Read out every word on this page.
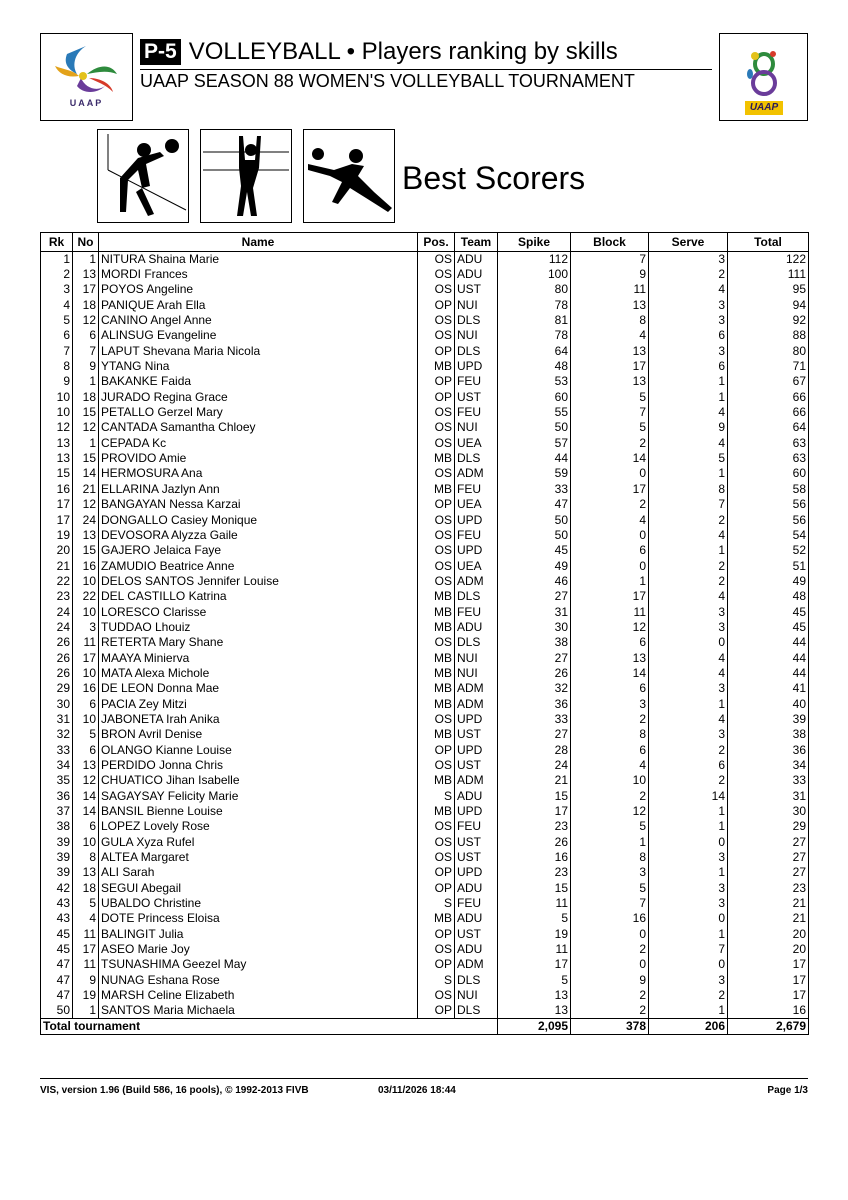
UAAP
P-5 VOLLEYBALL • Players ranking by skills
UAAP SEASON 88 WOMEN'S VOLLEYBALL TOURNAMENT
UAAP
Best Scorers
Rk	No	Name	Pos.	Team	Spike	Block	Serve	Total
1	1	NITURA Shaina Marie	OS	ADU	112	7	3	122
2	13	MORDI Frances	OS	ADU	100	9	2	111
3	17	POYOS Angeline	OS	UST	80	11	4	95
4	18	PANIQUE Arah Ella	OP	NUI	78	13	3	94
5	12	CANINO Angel Anne	OS	DLS	81	8	3	92
6	6	ALINSUG Evangeline	OS	NUI	78	4	6	88
7	7	LAPUT Shevana Maria Nicola	OP	DLS	64	13	3	80
8	9	YTANG Nina	MB	UPD	48	17	6	71
9	1	BAKANKE Faida	OP	FEU	53	13	1	67
10	18	JURADO Regina Grace	OP	UST	60	5	1	66
10	15	PETALLO Gerzel Mary	OS	FEU	55	7	4	66
12	12	CANTADA Samantha Chloey	OS	NUI	50	5	9	64
13	1	CEPADA Kc	OS	UEA	57	2	4	63
13	15	PROVIDO Amie	MB	DLS	44	14	5	63
15	14	HERMOSURA Ana	OS	ADM	59	0	1	60
16	21	ELLARINA Jazlyn Ann	MB	FEU	33	17	8	58
17	12	BANGAYAN Nessa Karzai	OP	UEA	47	2	7	56
17	24	DONGALLO Casiey Monique	OS	UPD	50	4	2	56
19	13	DEVOSORA Alyzza Gaile	OS	FEU	50	0	4	54
20	15	GAJERO Jelaica Faye	OS	UPD	45	6	1	52
21	16	ZAMUDIO Beatrice Anne	OS	UEA	49	0	2	51
22	10	DELOS SANTOS Jennifer Louise	OS	ADM	46	1	2	49
23	22	DEL CASTILLO Katrina	MB	DLS	27	17	4	48
24	10	LORESCO Clarisse	MB	FEU	31	11	3	45
24	3	TUDDAO Lhouiz	MB	ADU	30	12	3	45
26	11	RETERTA Mary Shane	OS	DLS	38	6	0	44
26	17	MAAYA Minierva	MB	NUI	27	13	4	44
26	10	MATA Alexa Michole	MB	NUI	26	14	4	44
29	16	DE LEON Donna Mae	MB	ADM	32	6	3	41
30	6	PACIA Zey Mitzi	MB	ADM	36	3	1	40
31	10	JABONETA Irah Anika	OS	UPD	33	2	4	39
32	5	BRON Avril Denise	MB	UST	27	8	3	38
33	6	OLANGO Kianne Louise	OP	UPD	28	6	2	36
34	13	PERDIDO Jonna Chris	OS	UST	24	4	6	34
35	12	CHUATICO Jihan Isabelle	MB	ADM	21	10	2	33
36	14	SAGAYSAY Felicity Marie	S	ADU	15	2	14	31
37	14	BANSIL Bienne Louise	MB	UPD	17	12	1	30
38	6	LOPEZ Lovely Rose	OS	FEU	23	5	1	29
39	10	GULA Xyza Rufel	OS	UST	26	1	0	27
39	8	ALTEA Margaret	OS	UST	16	8	3	27
39	13	ALI Sarah	OP	UPD	23	3	1	27
42	18	SEGUI Abegail	OP	ADU	15	5	3	23
43	5	UBALDO Christine	S	FEU	11	7	3	21
43	4	DOTE Princess Eloisa	MB	ADU	5	16	0	21
45	11	BALINGIT Julia	OP	UST	19	0	1	20
45	17	ASEO Marie Joy	OS	ADU	11	2	7	20
47	11	TSUNASHIMA Geezel May	OP	ADM	17	0	0	17
47	9	NUNAG Eshana Rose	S	DLS	5	9	3	17
47	19	MARSH Celine Elizabeth	OS	NUI	13	2	2	17
50	1	SANTOS Maria Michaela	OP	DLS	13	2	1	16
Total tournament					2,095	378	206	2,679
VIS, version 1.96 (Build 586, 16 pools), © 1992-2013 FIVB	03/11/2026 18:44	Page 1/3
